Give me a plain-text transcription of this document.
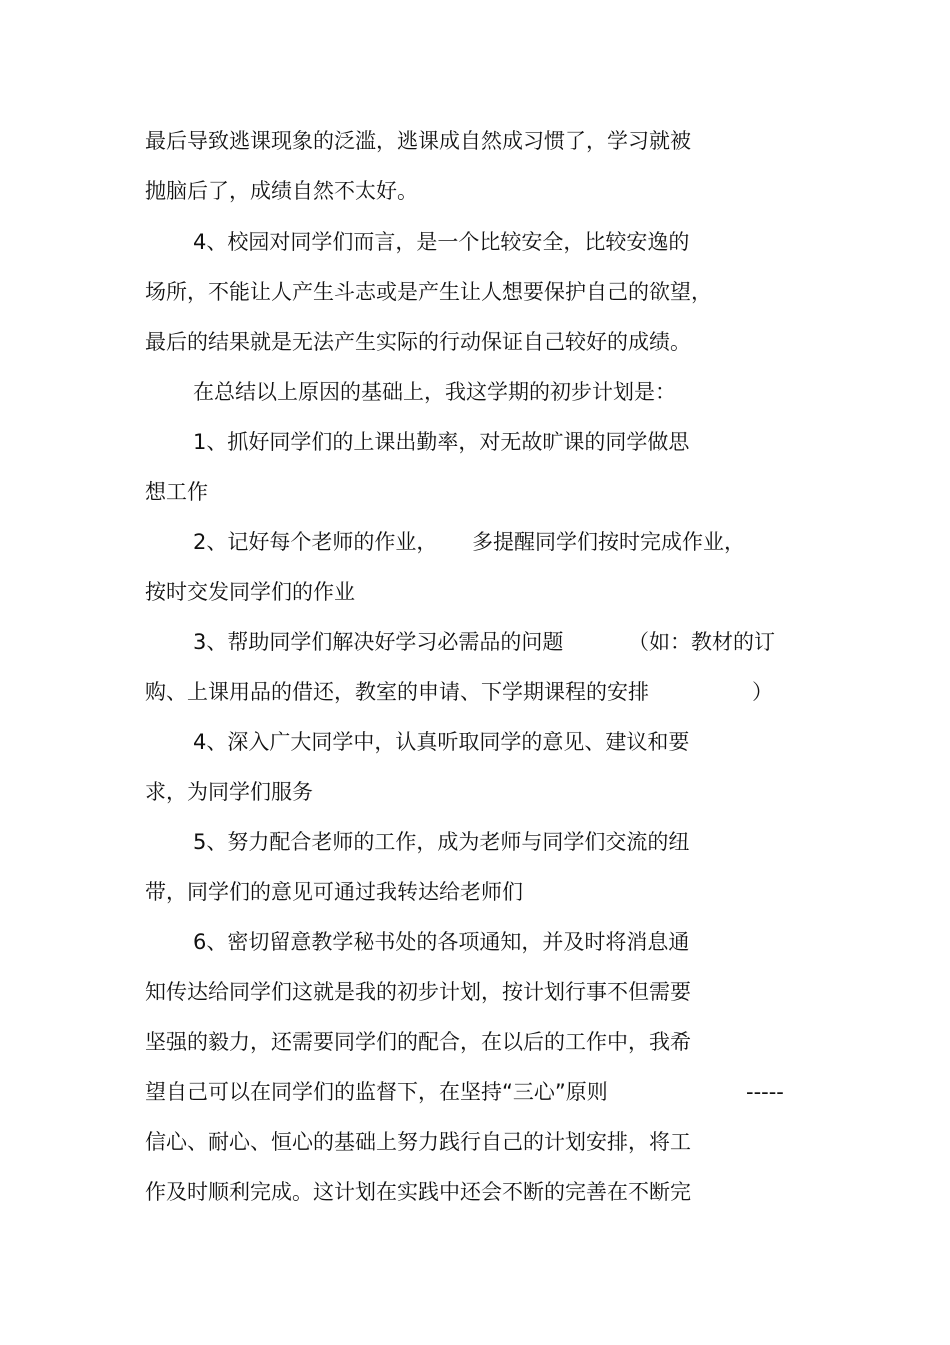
最后导致逃课现象的泛滥，逃课成自然成习惯了，学习就被
抛脑后了，成绩自然不太好。
4、校园对同学们而言，是一个比较安全，比较安逸的
场所，不能让人产生斗志或是产生让人想要保护自己的欲望，
最后的结果就是无法产生实际的行动保证自己较好的成绩。
在总结以上原因的基础上，我这学期的初步计划是：
1、抓好同学们的上课出勤率，对无故旷课的同学做思
想工作
2、记好每个老师的作业， 多提醒同学们按时完成作业，
按时交发同学们的作业
3、帮助同学们解决好学习必需品的问题	（如：教材的订
购、上课用品的借还，教室的申请、下学期课程的安排	）
4、深入广大同学中，认真听取同学的意见、建议和要
求，为同学们服务
5、努力配合老师的工作，成为老师与同学们交流的纽
带，同学们的意见可通过我转达给老师们
6、密切留意教学秘书处的各项通知，并及时将消息通
知传达给同学们这就是我的初步计划，按计划行事不但需要
坚强的毅力，还需要同学们的配合，在以后的工作中，我希
望自己可以在同学们的监督下，在坚持“三心”原则	-----
信心、耐心、恒心的基础上努力践行自己的计划安排，将工
作及时顺利完成。这计划在实践中还会不断的完善在不断完
